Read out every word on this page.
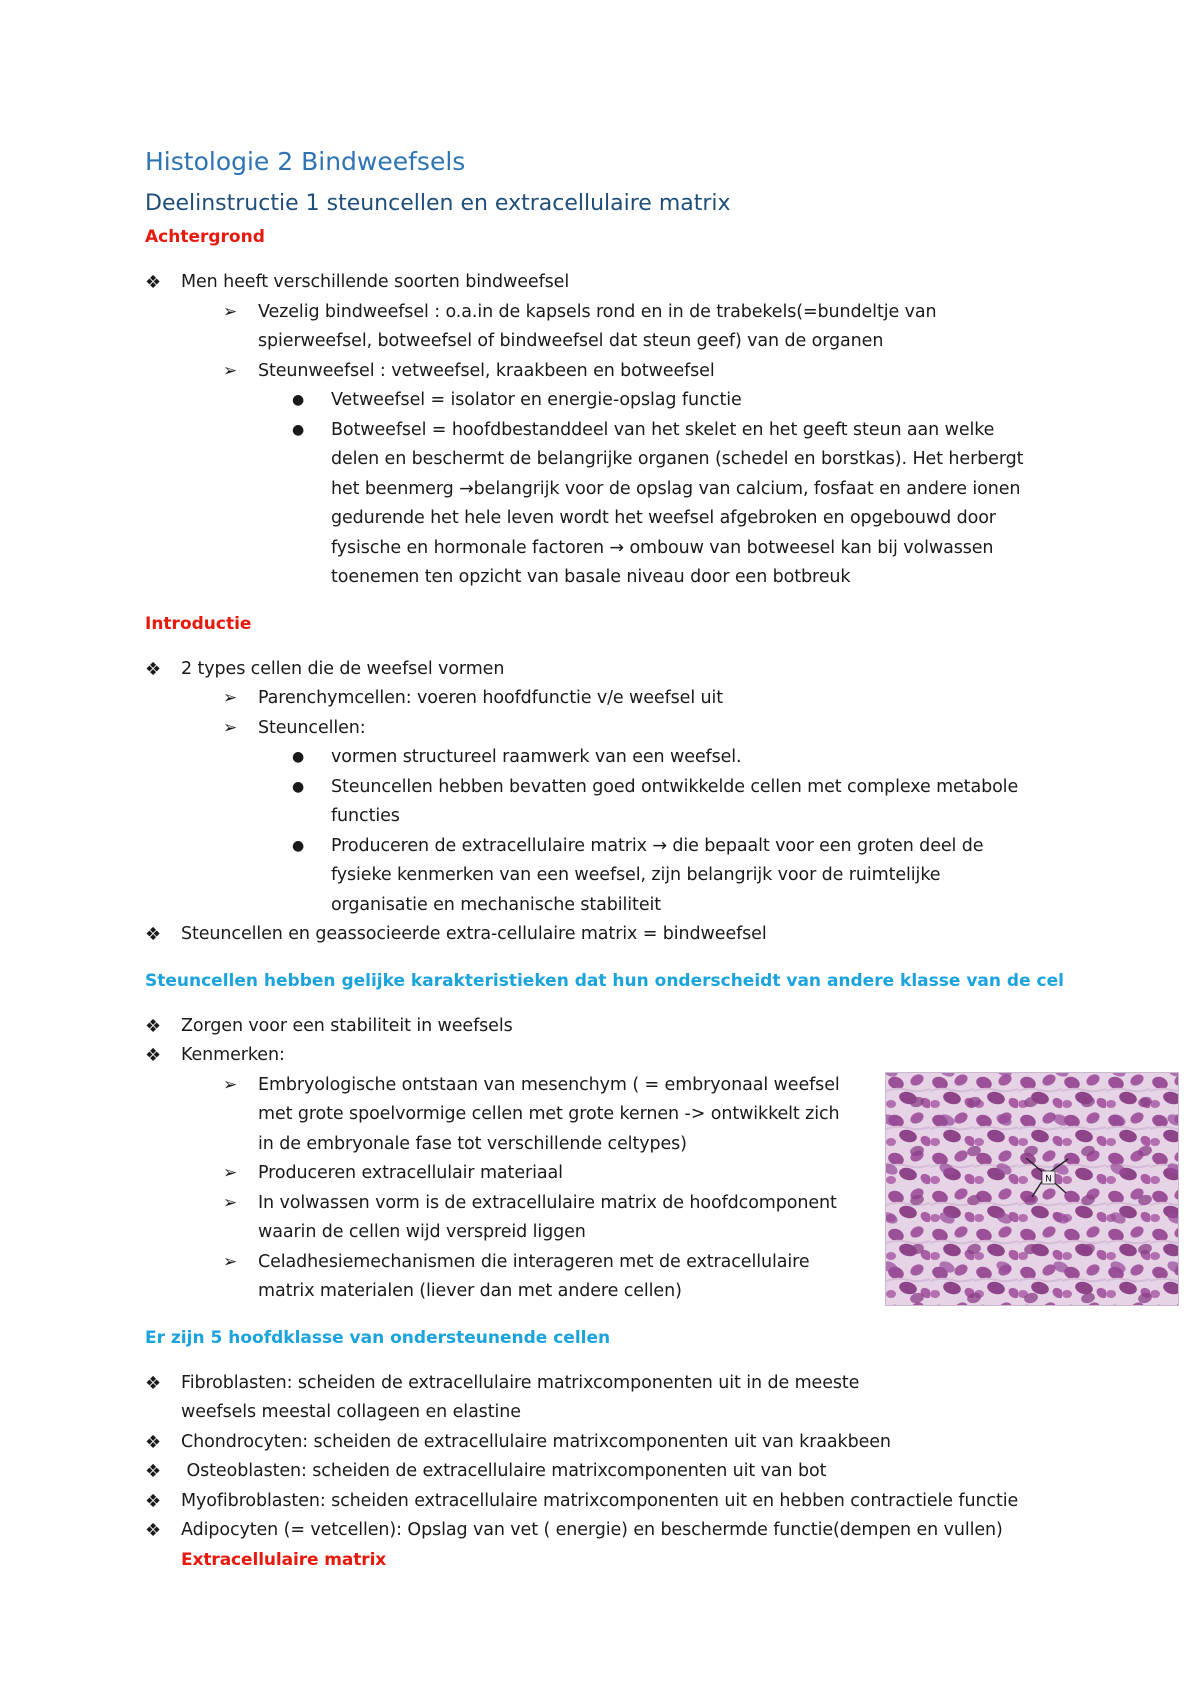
Histologie 2 Bindweefsels
Deelinstructie 1 steuncellen en extracellulaire matrix
Achtergrond
❖ Men heeft verschillende soorten bindweefsel
➢ Vezelig bindweefsel : o.a.in de kapsels rond en in de trabekels(=bundeltje van
spierweefsel, botweefsel of bindweefsel dat steun geef) van de organen
➢ Steunweefsel : vetweefsel, kraakbeen en botweefsel
● Vetweefsel = isolator en energie-opslag functie
● Botweefsel = hoofdbestanddeel van het skelet en het geeft steun aan welke
delen en beschermt de belangrijke organen (schedel en borstkas). Het herbergt
het beenmerg →belangrijk voor de opslag van calcium, fosfaat en andere ionen
gedurende het hele leven wordt het weefsel afgebroken en opgebouwd door
fysische en hormonale factoren → ombouw van botweesel kan bij volwassen
toenemen ten opzicht van basale niveau door een botbreuk
Introductie
❖ 2 types cellen die de weefsel vormen
➢ Parenchymcellen: voeren hoofdfunctie v/e weefsel uit
➢ Steuncellen:
● vormen structureel raamwerk van een weefsel.
● Steuncellen hebben bevatten goed ontwikkelde cellen met complexe metabole
functies
● Produceren de extracellulaire matrix → die bepaalt voor een groten deel de
fysieke kenmerken van een weefsel, zijn belangrijk voor de ruimtelijke
organisatie en mechanische stabiliteit
❖ Steuncellen en geassocieerde extra-cellulaire matrix = bindweefsel
Steuncellen hebben gelijke karakteristieken dat hun onderscheidt van andere klasse van de cel
❖ Zorgen voor een stabiliteit in weefsels
❖ Kenmerken:
➢ Embryologische ontstaan van mesenchym ( = embryonaal weefsel
met grote spoelvormige cellen met grote kernen -> ontwikkelt zich
in de embryonale fase tot verschillende celtypes)
➢ Produceren extracellulair materiaal
➢ In volwassen vorm is de extracellulaire matrix de hoofdcomponent
waarin de cellen wijd verspreid liggen
➢ Celadhesiemechanismen die interageren met de extracellulaire
matrix materialen (liever dan met andere cellen)
Er zijn 5 hoofdklasse van ondersteunende cellen
❖ Fibroblasten: scheiden de extracellulaire matrixcomponenten uit in de meeste
weefsels meestal collageen en elastine
❖ Chondrocyten: scheiden de extracellulaire matrixcomponenten uit van kraakbeen
❖ Osteoblasten: scheiden de extracellulaire matrixcomponenten uit van bot
❖ Myofibroblasten: scheiden extracellulaire matrixcomponenten uit en hebben contractiele functie
❖ Adipocyten (= vetcellen): Opslag van vet ( energie) en beschermde functie(dempen en vullen)
Extracellulaire matrix
N
